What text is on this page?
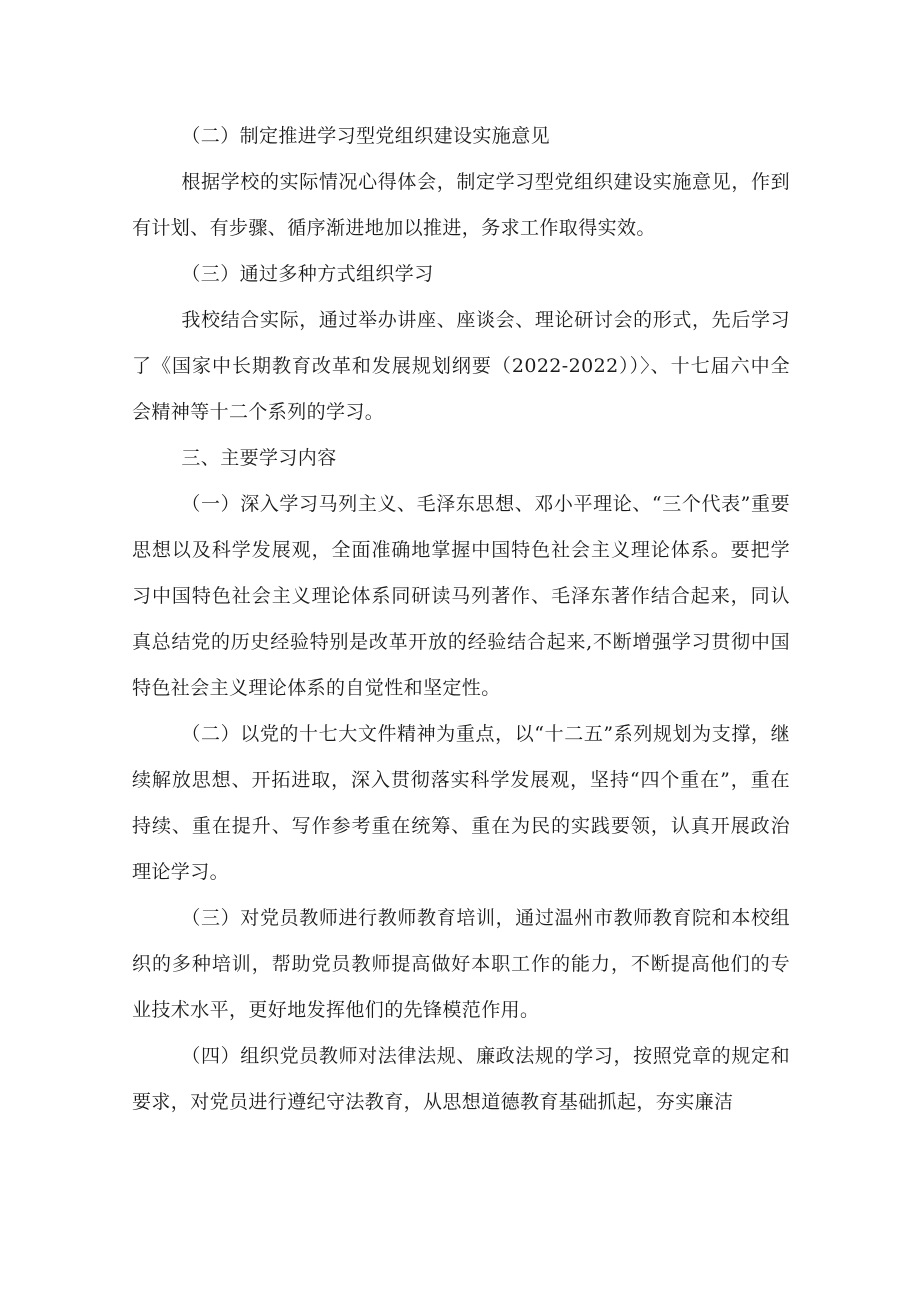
（二）制定推进学习型党组织建设实施意见

根据学校的实际情况心得体会，制定学习型党组织建设实施意见，作到有计划、有步骤、循序渐进地加以推进，务求工作取得实效。

（三）通过多种方式组织学习

我校结合实际，通过举办讲座、座谈会、理论研讨会的形式，先后学习了《国家中长期教育改革和发展规划纲要（2022-2022））〉、十七届六中全会精神等十二个系列的学习。

三、主要学习内容

（一）深入学习马列主义、毛泽东思想、邓小平理论、“三个代表”重要思想以及科学发展观，全面准确地掌握中国特色社会主义理论体系。要把学习中国特色社会主义理论体系同研读马列著作、毛泽东著作结合起来，同认真总结党的历史经验特别是改革开放的经验结合起来,不断增强学习贯彻中国特色社会主义理论体系的自觉性和坚定性。

（二）以党的十七大文件精神为重点，以“十二五”系列规划为支撑，继续解放思想、开拓进取，深入贯彻落实科学发展观，坚持“四个重在”，重在持续、重在提升、写作参考重在统筹、重在为民的实践要领，认真开展政治理论学习。

（三）对党员教师进行教师教育培训，通过温州市教师教育院和本校组织的多种培训，帮助党员教师提高做好本职工作的能力，不断提高他们的专业技术水平，更好地发挥他们的先锋模范作用。

（四）组织党员教师对法律法规、廉政法规的学习，按照党章的规定和要求，对党员进行遵纪守法教育，从思想道德教育基础抓起，夯实廉洁
